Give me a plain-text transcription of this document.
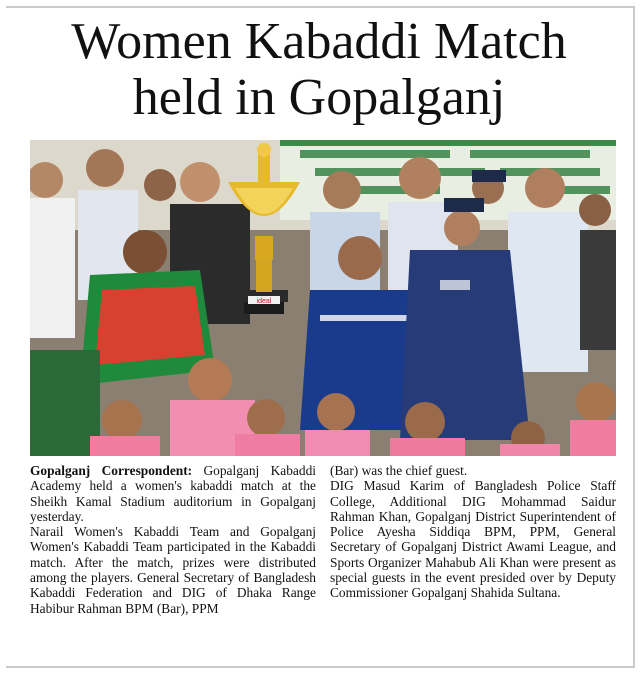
Women Kabaddi Match
held in Gopalganj
ideal

Gopalganj Correspondent: Gopalganj Kabaddi Academy held a women's kabaddi match at the Sheikh Kamal Stadium auditorium in Gopalganj yesterday.

Narail Women's Kabaddi Team and Gopalganj Women's Kabaddi Team participated in the Kabaddi match. After the match, prizes were distributed among the players. General Secretary of Bangladesh Kabaddi Federation and DIG of Dhaka Range Habibur Rahman BPM (Bar), PPM

(Bar) was the chief guest.

DIG Masud Karim of Bangladesh Police Staff College, Additional DIG Mohammad Saidur Rahman Khan, Gopalganj District Superintendent of Police Ayesha Siddiqa BPM, PPM, General Secretary of Gopalganj District Awami League, and Sports Organizer Mahabub Ali Khan were present as special guests in the event presided over by Deputy Commissioner Gopalganj Shahida Sultana.
